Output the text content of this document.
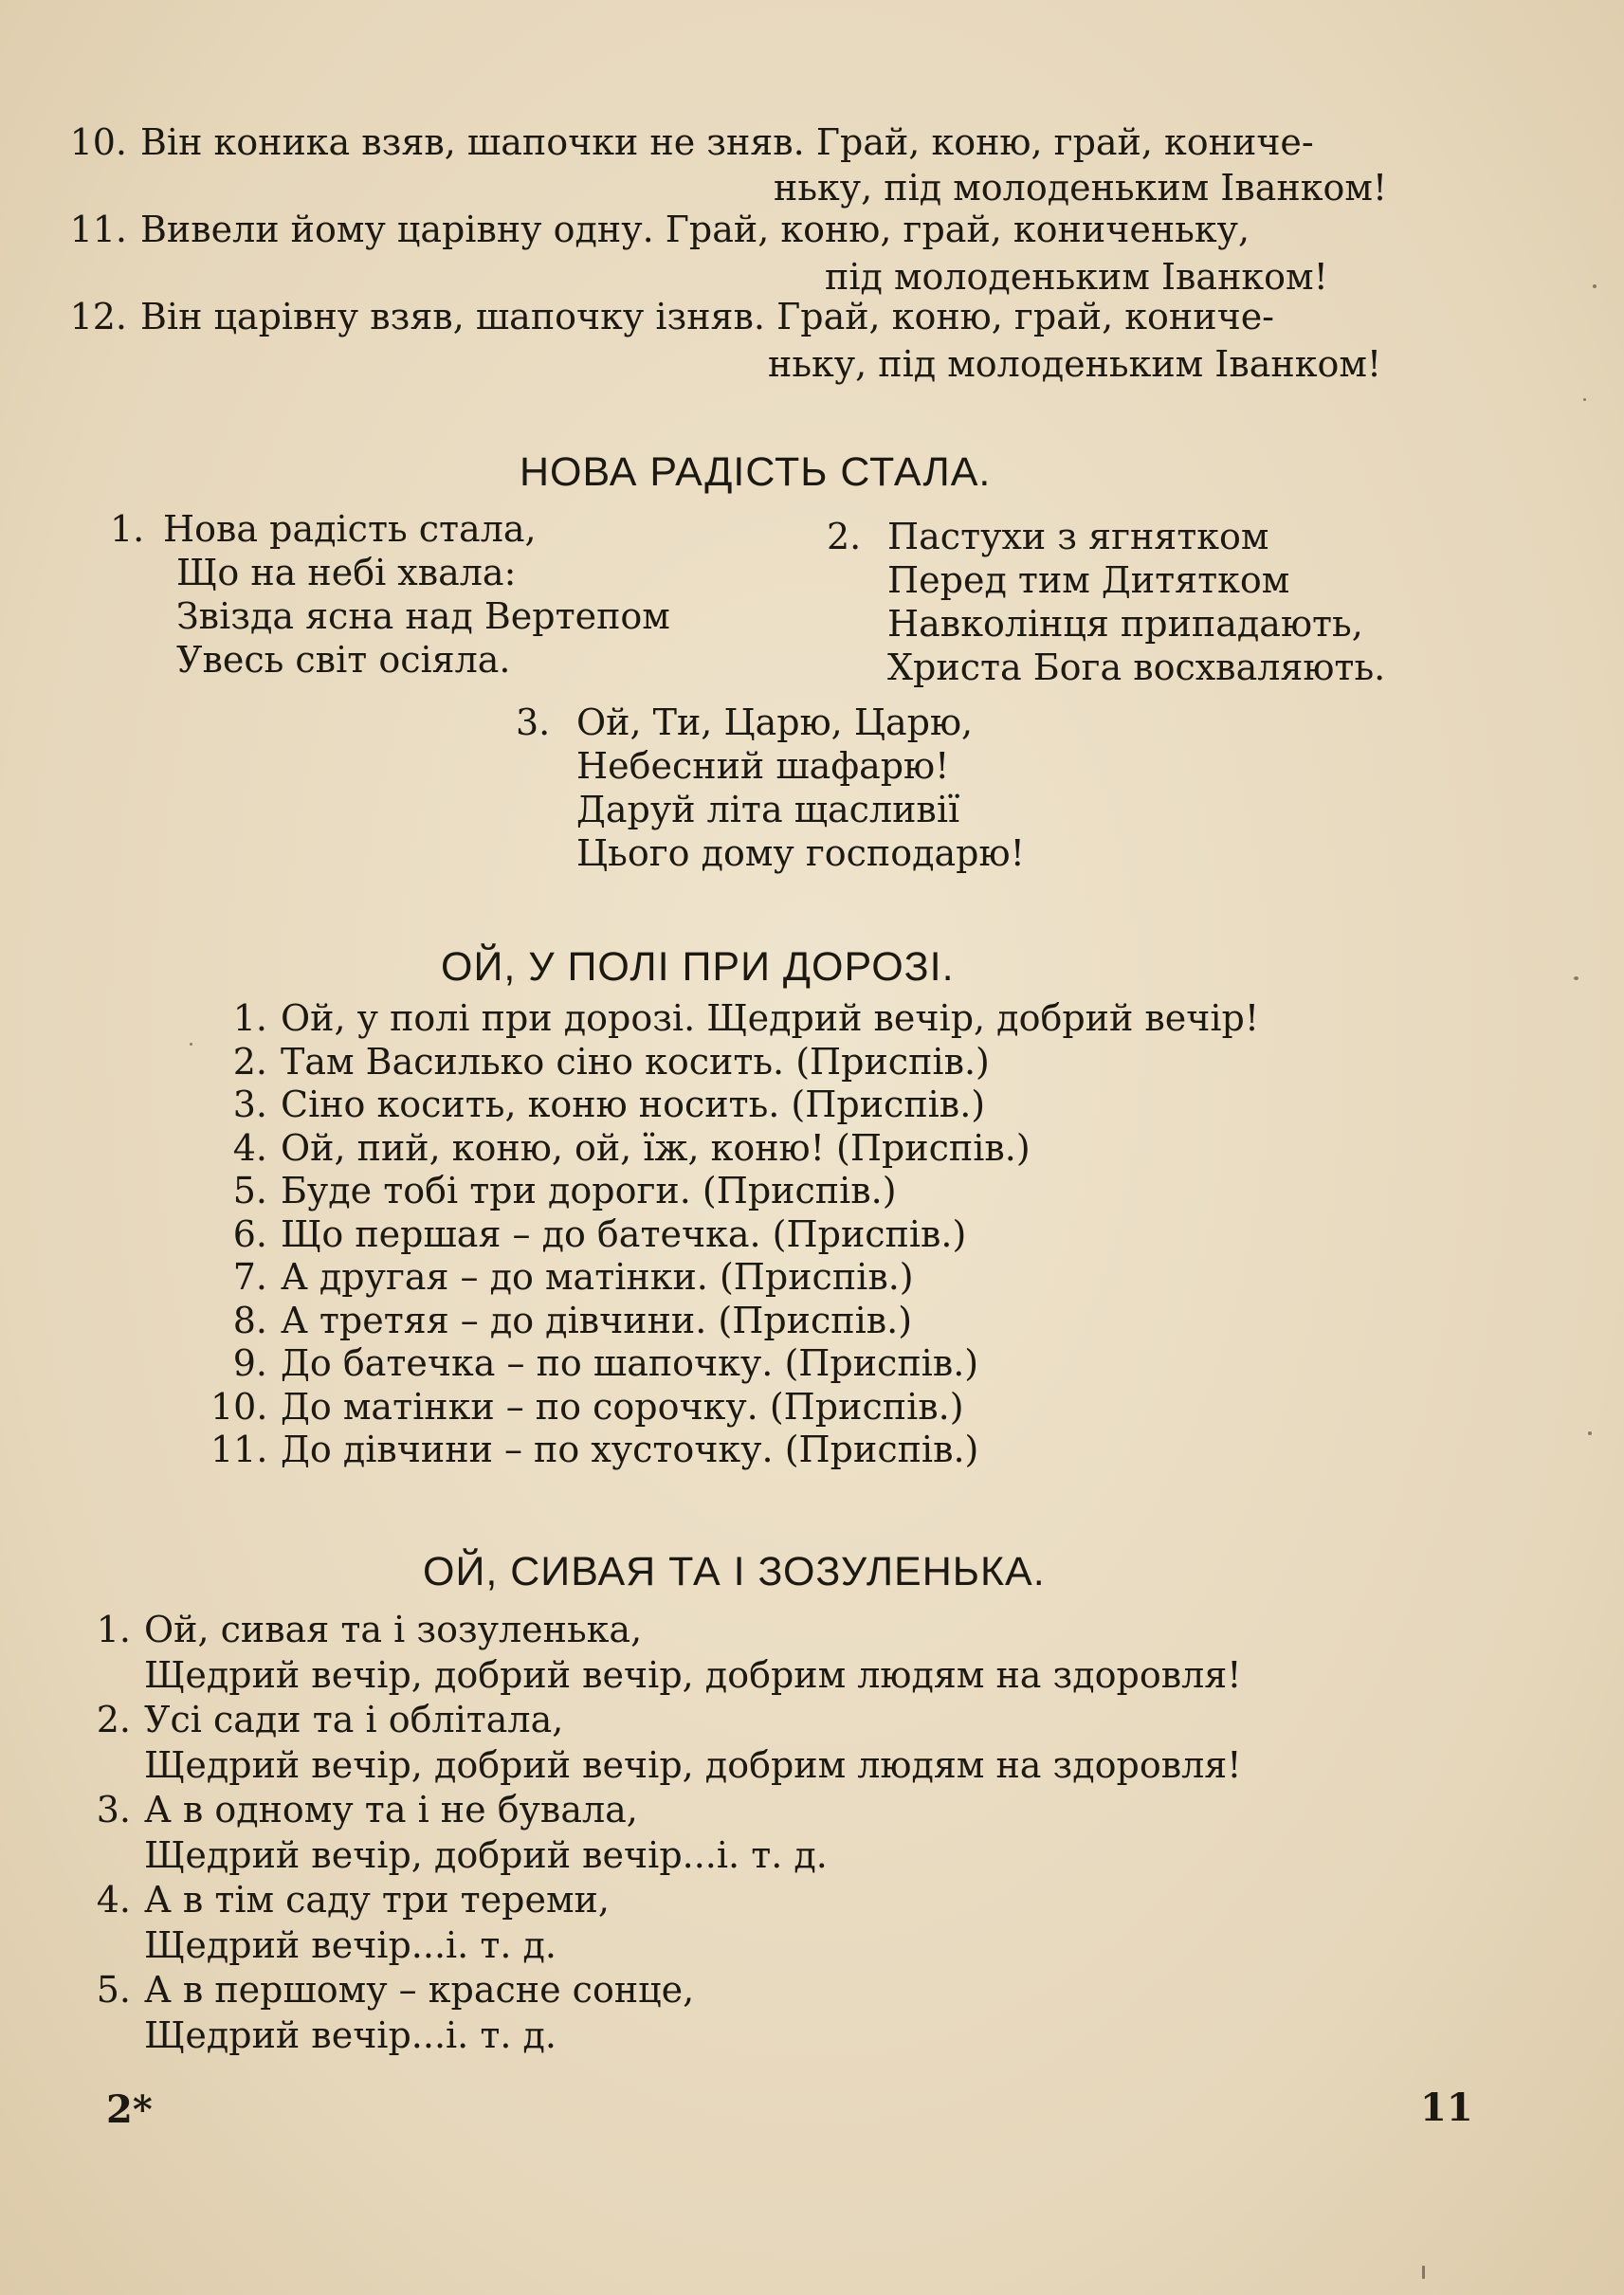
10. Він коника взяв, шапочки не зняв. Грай, коню, грай, кониче-
ньку, під молоденьким Іванком!
11. Вивели йому царівну одну. Грай, коню, грай, коничeньку,
під молоденьким Іванком!
12. Він царівну взяв, шапочку ізняв. Грай, коню, грай, кониче-
ньку, під молоденьким Іванком!
НОВА РАДІСТЬ СТАЛА.
1. Нова радість стала,
Що на небі хвала:
Звізда ясна над Вертепом
Увесь світ осіяла.
2. Пастухи з ягнятком
Перед тим Дитятком
Навколінця припадають,
Христа Бога восхваляють.
3. Ой, Ти, Царю, Царю,
Небесний шафарю!
Даруй літа щасливії
Цього дому господарю!
ОЙ, У ПОЛІ ПРИ ДОРОЗІ.
1. Ой, у полі при дорозі. Щедрий вечір, добрий вечір!
2. Там Василько сіно косить. (Приспів.)
3. Сіно косить, коню носить. (Приспів.)
4. Ой, пий, коню, ой, їж, коню! (Приспів.)
5. Буде тобі три дороги. (Приспів.)
6. Що першая – до батечка. (Приспів.)
7. А другая – до матінки. (Приспів.)
8. А третяя – до дівчини. (Приспів.)
9. До батечка – по шапочку. (Приспів.)
10. До матінки – по сорочку. (Приспів.)
11. До дівчини – по хусточку. (Приспів.)
ОЙ, СИВАЯ ТА І ЗОЗУЛЕНЬКА.
1. Ой, сивая та і зозуленька,
Щедрий вечір, добрий вечір, добрим людям на здоровля!
2. Усі сади та і облітала,
Щедрий вечір, добрий вечір, добрим людям на здоровля!
3. А в одному та і не бувала,
Щедрий вечір, добрий вечір...і. т. д.
4. А в тім саду три тереми,
Щедрий вечір...і. т. д.
5. А в першому – красне сонце,
Щедрий вечір...і. т. д.
2*	11
